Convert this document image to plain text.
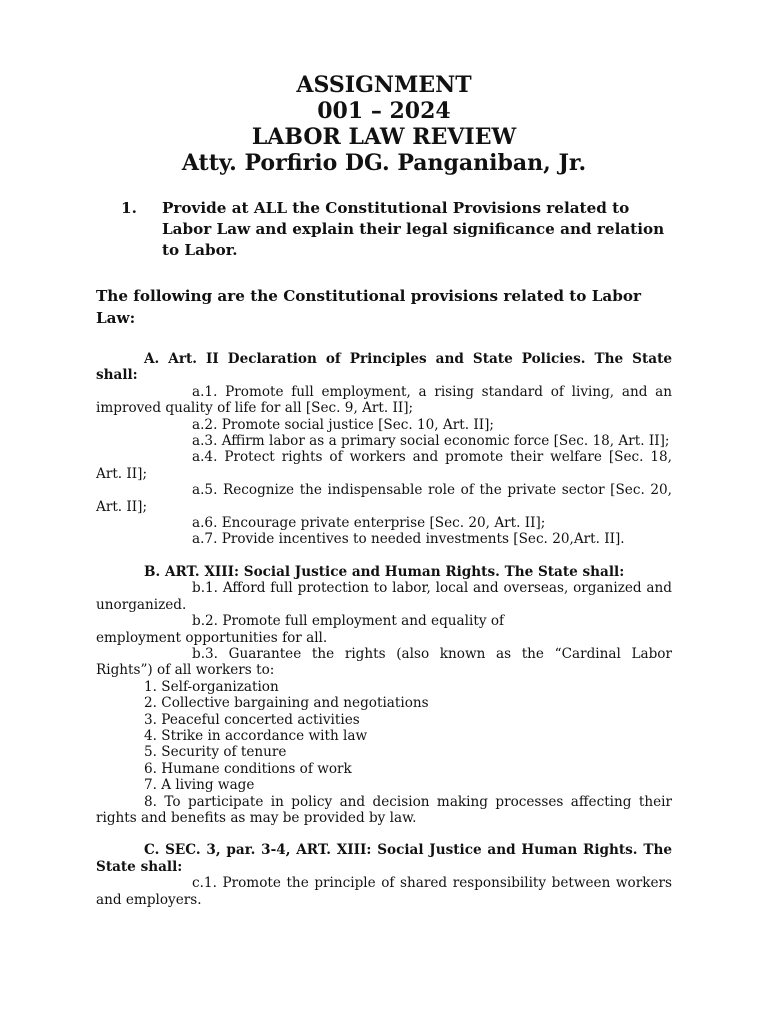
ASSIGNMENT
001 – 2024
LABOR LAW REVIEW
Atty. Porfirio DG. Panganiban, Jr.
1.	Provide at ALL the Constitutional Provisions related to Labor Law and explain their legal significance and relation to Labor.
The following are the Constitutional provisions related to Labor Law:
A. Art. II Declaration of Principles and State Policies. The State shall:
a.1. Promote full employment, a rising standard of living, and an improved quality of life for all [Sec. 9, Art. II];
a.2. Promote social justice [Sec. 10, Art. II];
a.3. Affirm labor as a primary social economic force [Sec. 18, Art. II];
a.4. Protect rights of workers and promote their welfare [Sec. 18, Art. II];
a.5. Recognize the indispensable role of the private sector [Sec. 20, Art. II];
a.6. Encourage private enterprise [Sec. 20, Art. II];
a.7. Provide incentives to needed investments [Sec. 20,Art. II].
B. ART. XIII: Social Justice and Human Rights. The State shall:
b.1. Afford full protection to labor, local and overseas, organized and unorganized.
b.2. Promote full employment and equality of
employment opportunities for all.
b.3. Guarantee the rights (also known as the “Cardinal Labor Rights”) of all workers to:
1. Self-organization
2. Collective bargaining and negotiations
3. Peaceful concerted activities
4. Strike in accordance with law
5. Security of tenure
6. Humane conditions of work
7. A living wage
8. To participate in policy and decision making processes affecting their rights and benefits as may be provided by law.
C. SEC. 3, par. 3-4, ART. XIII: Social Justice and Human Rights. The State shall:
c.1. Promote the principle of shared responsibility between workers and employers.
